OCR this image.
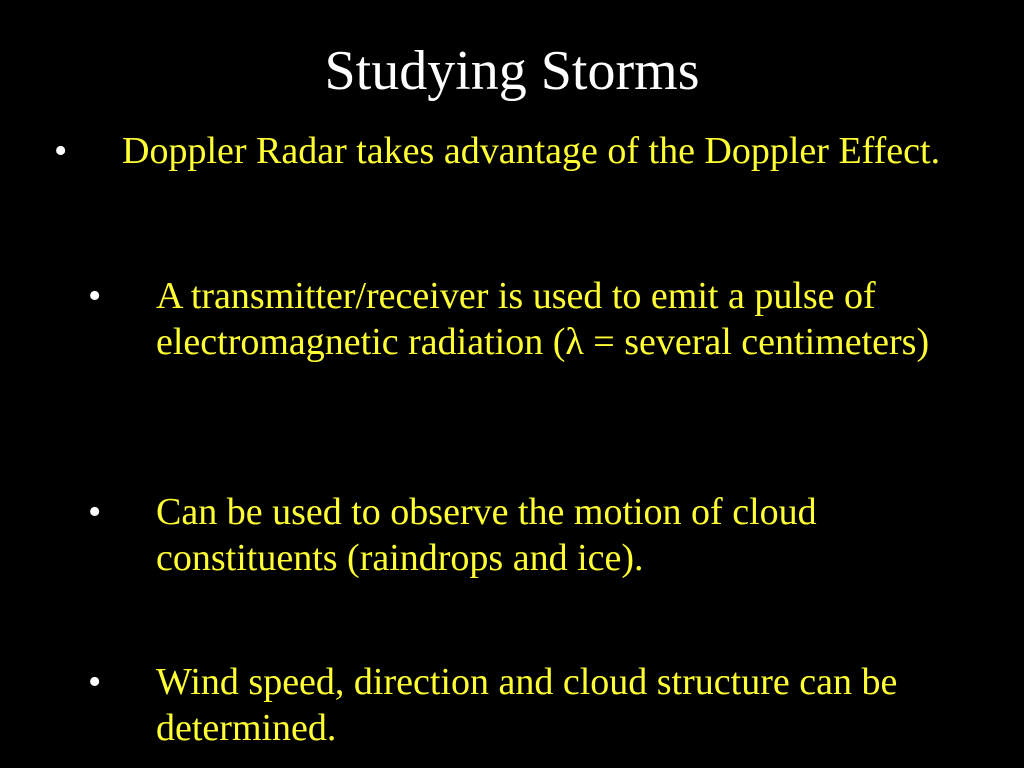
Studying Storms
• Doppler Radar takes advantage of the Doppler Effect.
• A transmitter/receiver is used to emit a pulse of electromagnetic radiation (λ = several centimeters)
• Can be used to observe the motion of cloud constituents (raindrops and ice).
• Wind speed, direction and cloud structure can be determined.
